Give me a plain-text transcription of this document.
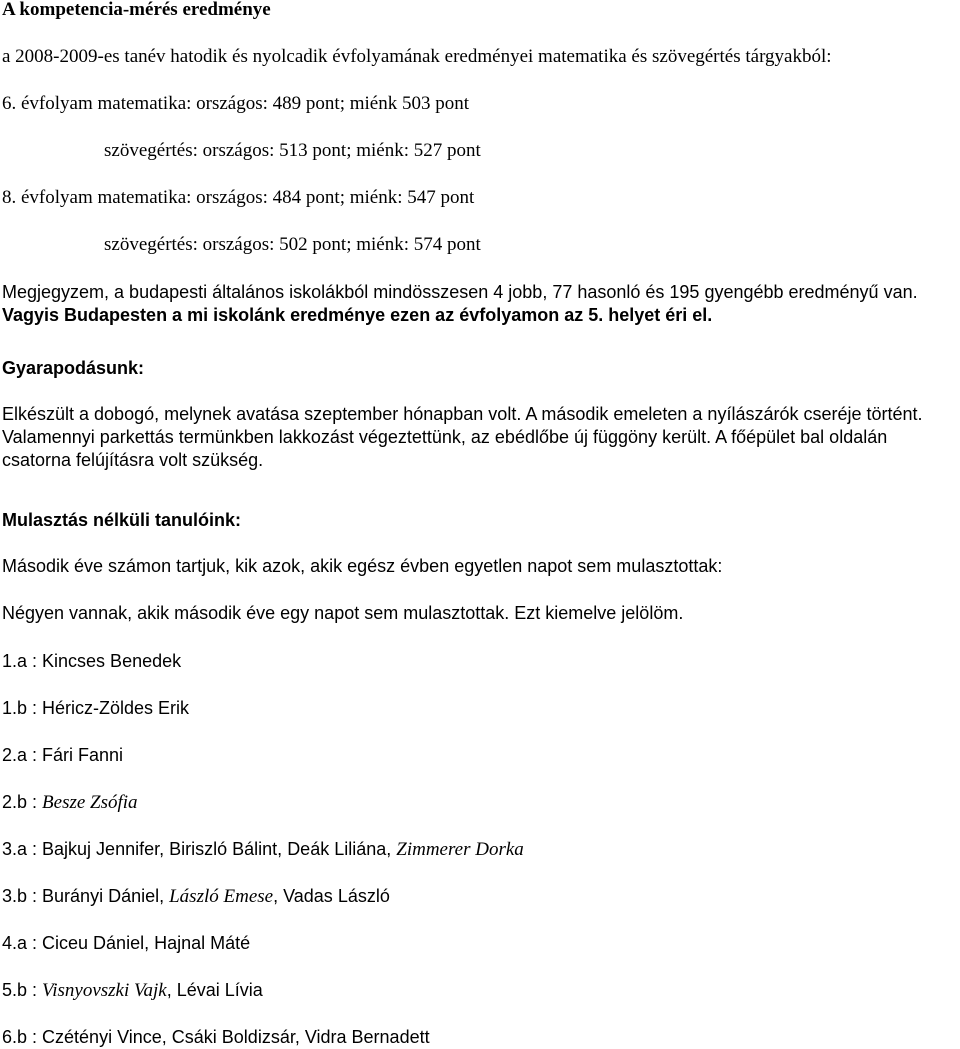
A kompetencia-mérés eredménye
a 2008-2009-es tanév hatodik és nyolcadik évfolyamának eredményei matematika és szövegértés tárgyakból:
6. évfolyam matematika: országos: 489 pont; miénk 503 pont
szövegértés: országos: 513 pont; miénk: 527 pont
8. évfolyam matematika: országos: 484 pont; miénk: 547 pont
szövegértés: országos: 502 pont; miénk: 574 pont
Megjegyzem, a budapesti általános iskolákból mindösszesen 4 jobb, 77 hasonló és 195 gyengébb eredményű van. Vagyis Budapesten a mi iskolánk eredménye ezen az évfolyamon az 5. helyet éri el.
Gyarapodásunk:
Elkészült a dobogó, melynek avatása szeptember hónapban volt. A második emeleten a nyílászárók cseréje történt. Valamennyi parkettás termünkben lakkozást végeztettünk, az ebédlőbe új függöny került. A főépület bal oldalán csatorna felújításra volt szükség.
Mulasztás nélküli tanulóink:
Második éve számon tartjuk, kik azok, akik egész évben egyetlen napot sem mulasztottak:
Négyen vannak, akik második éve egy napot sem mulasztottak. Ezt kiemelve jelölöm.
1.a : Kincses Benedek
1.b : Héricz-Zöldes Erik
2.a : Fári Fanni
2.b : Besze Zsófia
3.a : Bajkuj Jennifer, Biriszló Bálint, Deák Liliána, Zimmerer Dorka
3.b : Burányi Dániel, László Emese, Vadas László
4.a : Ciceu Dániel, Hajnal Máté
5.b : Visnyovszki Vajk, Lévai Lívia
6.b : Czétényi Vince, Csáki Boldizsár, Vidra Bernadett
